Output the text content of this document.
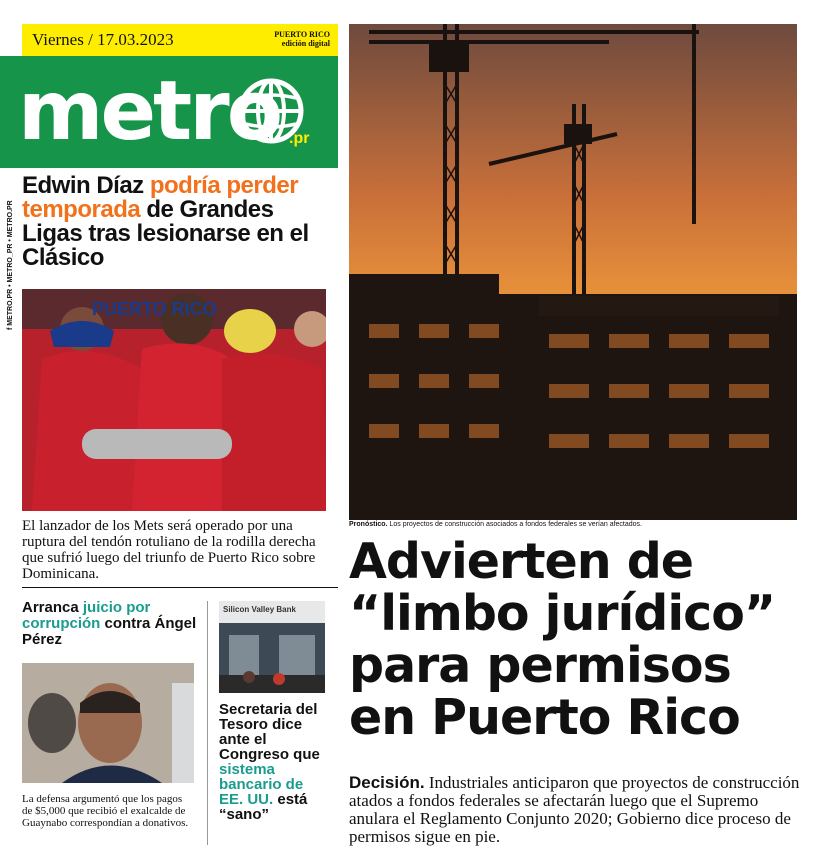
Viernes / 17.03.2023	PUERTO RICO
edición digital
metro .pr
f METRO.PR • METRO_PR • METRO.PR
Edwin Díaz podría perder temporada de Grandes Ligas tras lesionarse en el Clásico
PUERTO RICO
El lanzador de los Mets será operado por una ruptura del tendón rotuliano de la rodilla derecha que sufrió luego del triunfo de Puerto Rico sobre Dominicana.
Arranca juicio por corrupción contra Ángel Pérez
La defensa argumentó que los pagos de $5,000 que recibió el exalcalde de Guaynabo correspondían a donativos.
Silicon Valley Bank
Secretaria del Tesoro dice ante el Congreso que sistema bancario de EE. UU. está “sano”
Pronóstico. Los proyectos de construcción asociados a fondos federales se verían afectados.
Advierten de “limbo jurídico” para permisos en Puerto Rico
Decisión. Industriales anticiparon que proyectos de construcción atados a fondos federales se afectarán luego que el Supremo anulara el Reglamento Conjunto 2020; Gobierno dice proceso de permisos sigue en pie.
